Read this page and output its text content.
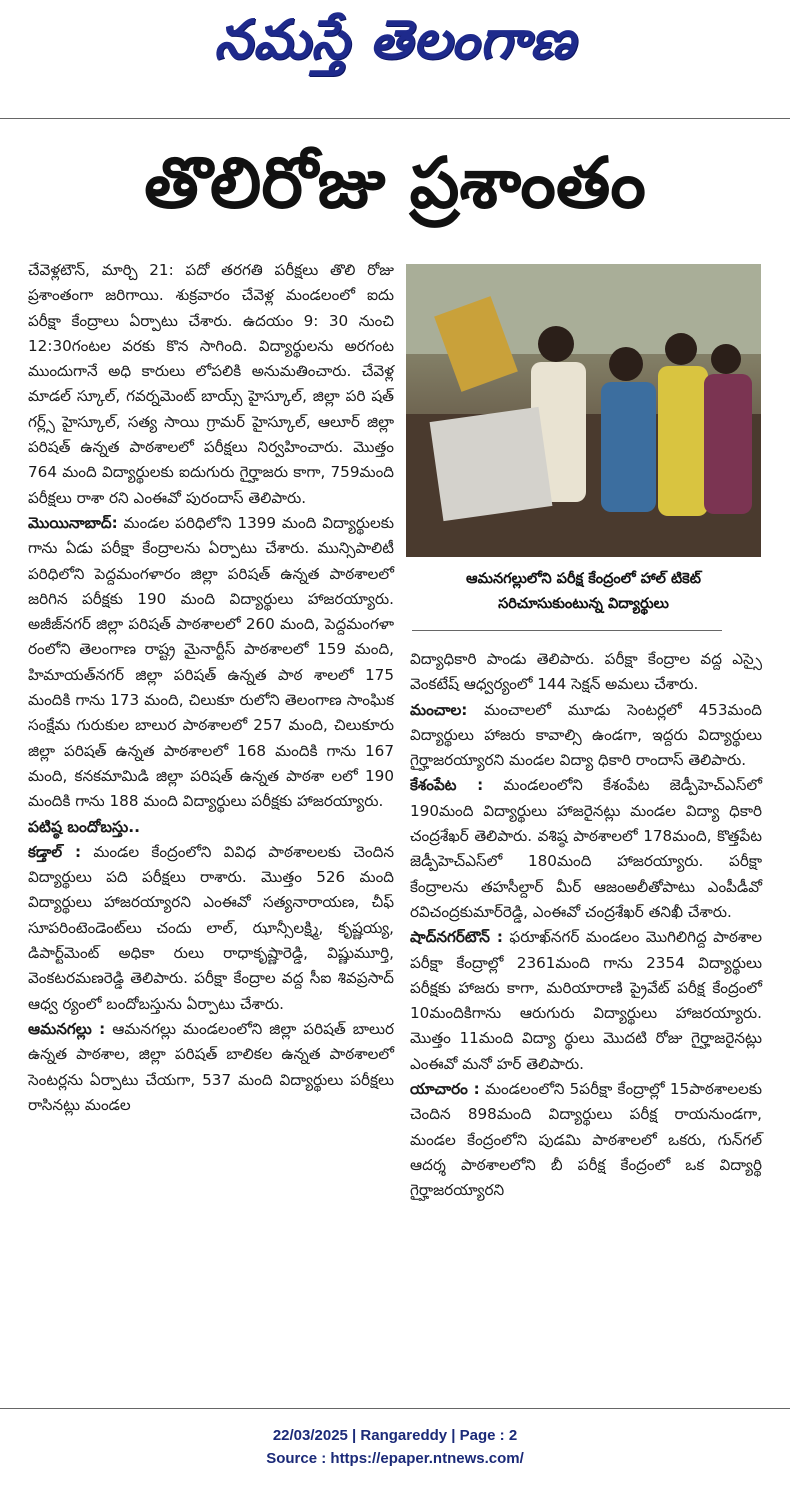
నమస్తే తెలంగాణ
తొలిరోజు ప్రశాంతం

చేవెళ్లటౌన్‌, మార్చి 21: పదో తరగతి పరీక్షలు తొలి రోజు ప్రశాంతంగా జరిగాయి. శుక్రవారం చేవెళ్ల మండలంలో ఐదు పరీక్షా కేంద్రాలు ఏర్పాటు చేశారు. ఉదయం 9: 30 నుంచి 12:30గంటల వరకు కొన సాగింది. విద్యార్థులను అరగంట ముందుగానే అధి కారులు లోపలికి అనుమతించారు. చేవెళ్ల మాడల్‌ స్కూల్‌, గవర్నమెంట్‌ బాయ్స్‌ హైస్కూల్‌, జిల్లా పరి షత్‌ గర్ల్స్‌ హైస్కూల్‌, సత్య సాయి గ్రామర్‌ హైస్కూల్‌, ఆలూర్‌ జిల్లా పరిషత్‌ ఉన్నత పాఠశాలలో పరీక్షలు నిర్వహించారు. మొత్తం 764 మంది విద్యార్థులకు ఐదుగురు గైర్హాజరు కాగా, 759మంది పరీక్షలు రాశా రని ఎంఈవో పురందాస్‌ తెలిపారు.

మొయినాబాద్‌: మండల పరిధిలోని 1399 మంది విద్యార్థులకు గాను ఏడు పరీక్షా కేంద్రాలను ఏర్పాటు చేశారు. మున్సిపాలిటీ పరిధిలోని పెద్దమంగళారం జిల్లా పరిషత్‌ ఉన్నత పాఠశాలలో జరిగిన పరీక్షకు 190 మంది విద్యార్థులు హాజరయ్యారు. అజీజ్‌నగర్‌ జిల్లా పరిషత్‌ పాఠశాలలో 260 మంది, పెద్దమంగళా రంలోని తెలంగాణ రాష్ట్ర మైనార్టీస్‌ పాఠశాలలో 159 మంది, హిమాయత్‌నగర్‌ జిల్లా పరిషత్‌ ఉన్నత పాఠ శాలలో 175 మందికి గాను 173 మంది, చిలుకూ రులోని తెలంగాణ సాంఘిక సంక్షేమ గురుకుల బాలుర పాఠశాలలో 257 మంది, చిలుకూరు జిల్లా పరిషత్‌ ఉన్నత పాఠశాలలో 168 మందికి గాను 167 మంది, కనకమామిడి జిల్లా పరిషత్‌ ఉన్నత పాఠశా లలో 190 మందికి గాను 188 మంది విద్యార్థులు పరీక్షకు హాజరయ్యారు.

పటిష్ఠ బందోబస్తు..

కడ్తాల్‌ : మండల కేంద్రంలోని వివిధ పాఠశాలలకు చెందిన విద్యార్థులు పది పరీక్షలు రాశారు. మొత్తం 526 మంది విద్యార్థులు హాజరయ్యారని ఎంఈవో సత్యనారాయణ, చీఫ్‌ సూపరింటెండెంట్‌లు చందు లాల్‌, ఝాన్సీలక్ష్మి, కృష్ణయ్య, డిపార్ట్‌మెంట్‌ అధికా రులు రాధాకృష్ణారెడ్డి, విష్ణుమూర్తి, వెంకటరమణరెడ్డి తెలిపారు. పరీక్షా కేంద్రాల వద్ద సీఐ శివప్రసాద్‌ ఆధ్వ ర్యంలో బందోబస్తును ఏర్పాటు చేశారు.

ఆమనగల్లు : ఆమనగల్లు మండలంలోని జిల్లా పరిషత్‌ బాలుర ఉన్నత పాఠశాల, జిల్లా పరిషత్‌ బాలికల ఉన్నత పాఠశాలలో సెంటర్లను ఏర్పాటు చేయగా, 537 మంది విద్యార్థులు పరీక్షలు రాసినట్లు మండల

ఆమనగల్లులోని పరీక్ష కేంద్రంలో హాల్‌ టికెట్‌
సరిచూసుకుంటున్న విద్యార్థులు

విద్యాధికారి పాండు తెలిపారు. పరీక్షా కేంద్రాల వద్ద ఎస్సై వెంకటేష్‌ ఆధ్వర్యంలో 144 సెక్షన్‌ అమలు చేశారు.

మంచాల: మంచాలలో మూడు సెంటర్లలో 453మంది విద్యార్థులు హాజరు కావాల్సి ఉండగా, ఇద్దరు విద్యార్థులు గైర్హాజరయ్యారని మండల విద్యా ధికారి రాందాస్‌ తెలిపారు.

కేశంపేట : మండలంలోని కేశంపేట జెడ్పీహెచ్‌ఎస్‌లో 190మంది విద్యార్థులు హాజరైనట్లు మండల విద్యా ధికారి చంద్రశేఖర్‌ తెలిపారు. వశిష్ఠ పాఠశాలలో 178మంది, కొత్తపేట జెడ్పీహెచ్‌ఎస్‌లో 180మంది హాజరయ్యారు. పరీక్షా కేంద్రాలను తహసీల్దార్‌ మీర్‌ ఆజంఅలీతోపాటు ఎంపీడీవో రవిచంద్రకుమార్‌రెడ్డి, ఎంఈవో చంద్రశేఖర్‌ తనిఖీ చేశారు.

షాద్‌నగర్‌టౌన్‌ : ఫరూఖ్‌నగర్‌ మండలం మొగిలిగిద్ద పాఠశాల పరీక్షా కేంద్రాల్లో 2361మంది గాను 2354 విద్యార్థులు పరీక్షకు హాజరు కాగా, మరియారాణి ప్రైవేట్‌ పరీక్ష కేంద్రంలో 10మందికిగాను ఆరుగురు విద్యార్థులు హాజరయ్యారు. మొత్తం 11మంది విద్యా ర్థులు మొదటి రోజు గైర్హాజరైనట్లు ఎంఈవో మనో హర్‌ తెలిపారు.

యాచారం : మండలంలోని 5పరీక్షా కేంద్రాల్లో 15పాఠశాలలకు చెందిన 898మంది విద్యార్థులు పరీక్ష రాయనుండగా, మండల కేంద్రంలోని పుడమి పాఠశాలలో ఒకరు, గున్‌గల్‌ ఆదర్శ పాఠశాలలోని బీ పరీక్ష కేంద్రంలో ఒక విద్యార్థి గైర్హాజరయ్యారని

22/03/2025 | Rangareddy | Page : 2
Source : https://epaper.ntnews.com/
